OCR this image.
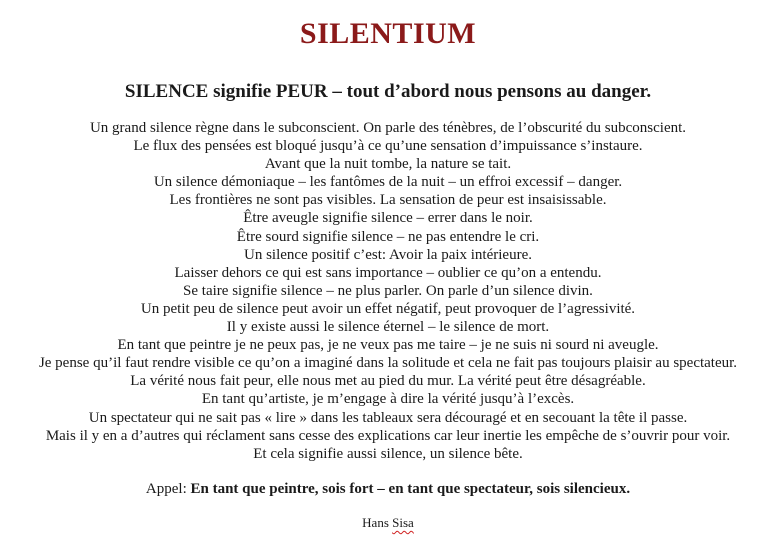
SILENTIUM
SILENCE signifie PEUR – tout d’abord nous pensons au danger.
Un grand silence règne dans le subconscient. On parle des ténèbres, de l’obscurité du subconscient.
Le flux des pensées est bloqué jusqu’à ce qu’une sensation d’impuissance s’instaure.
Avant que la nuit tombe, la nature se tait.
Un silence démoniaque – les fantômes de la nuit – un effroi excessif – danger.
Les frontières ne sont pas visibles. La sensation de peur est insaisissable.
Être aveugle signifie silence – errer dans le noir.
Être sourd signifie silence – ne pas entendre le cri.
Un silence positif c’est: Avoir la paix intérieure.
Laisser dehors ce qui est sans importance – oublier ce qu’on a entendu.
Se taire signifie silence – ne plus parler. On parle d’un silence divin.
Un petit peu de silence peut avoir un effet négatif, peut provoquer de l’agressivité.
Il y existe aussi le silence éternel – le silence de mort.
En tant que peintre je ne peux pas, je ne veux pas me taire – je ne suis ni sourd ni aveugle.
Je pense qu’il faut rendre visible ce qu’on a imaginé dans la solitude et cela ne fait pas toujours plaisir au spectateur.
La vérité nous fait peur, elle nous met au pied du mur. La vérité peut être désagréable.
En tant qu’artiste, je m’engage à dire la vérité jusqu’à l’excès.
Un spectateur qui ne sait pas « lire » dans les tableaux sera découragé et en secouant la tête il passe.
Mais il y en a d’autres qui réclament sans cesse des explications car leur inertie les empêche de s’ouvrir pour voir.
Et cela signifie aussi silence, un silence bête.
Appel: En tant que peintre, sois fort – en tant que spectateur, sois silencieux.
Hans Sisa
